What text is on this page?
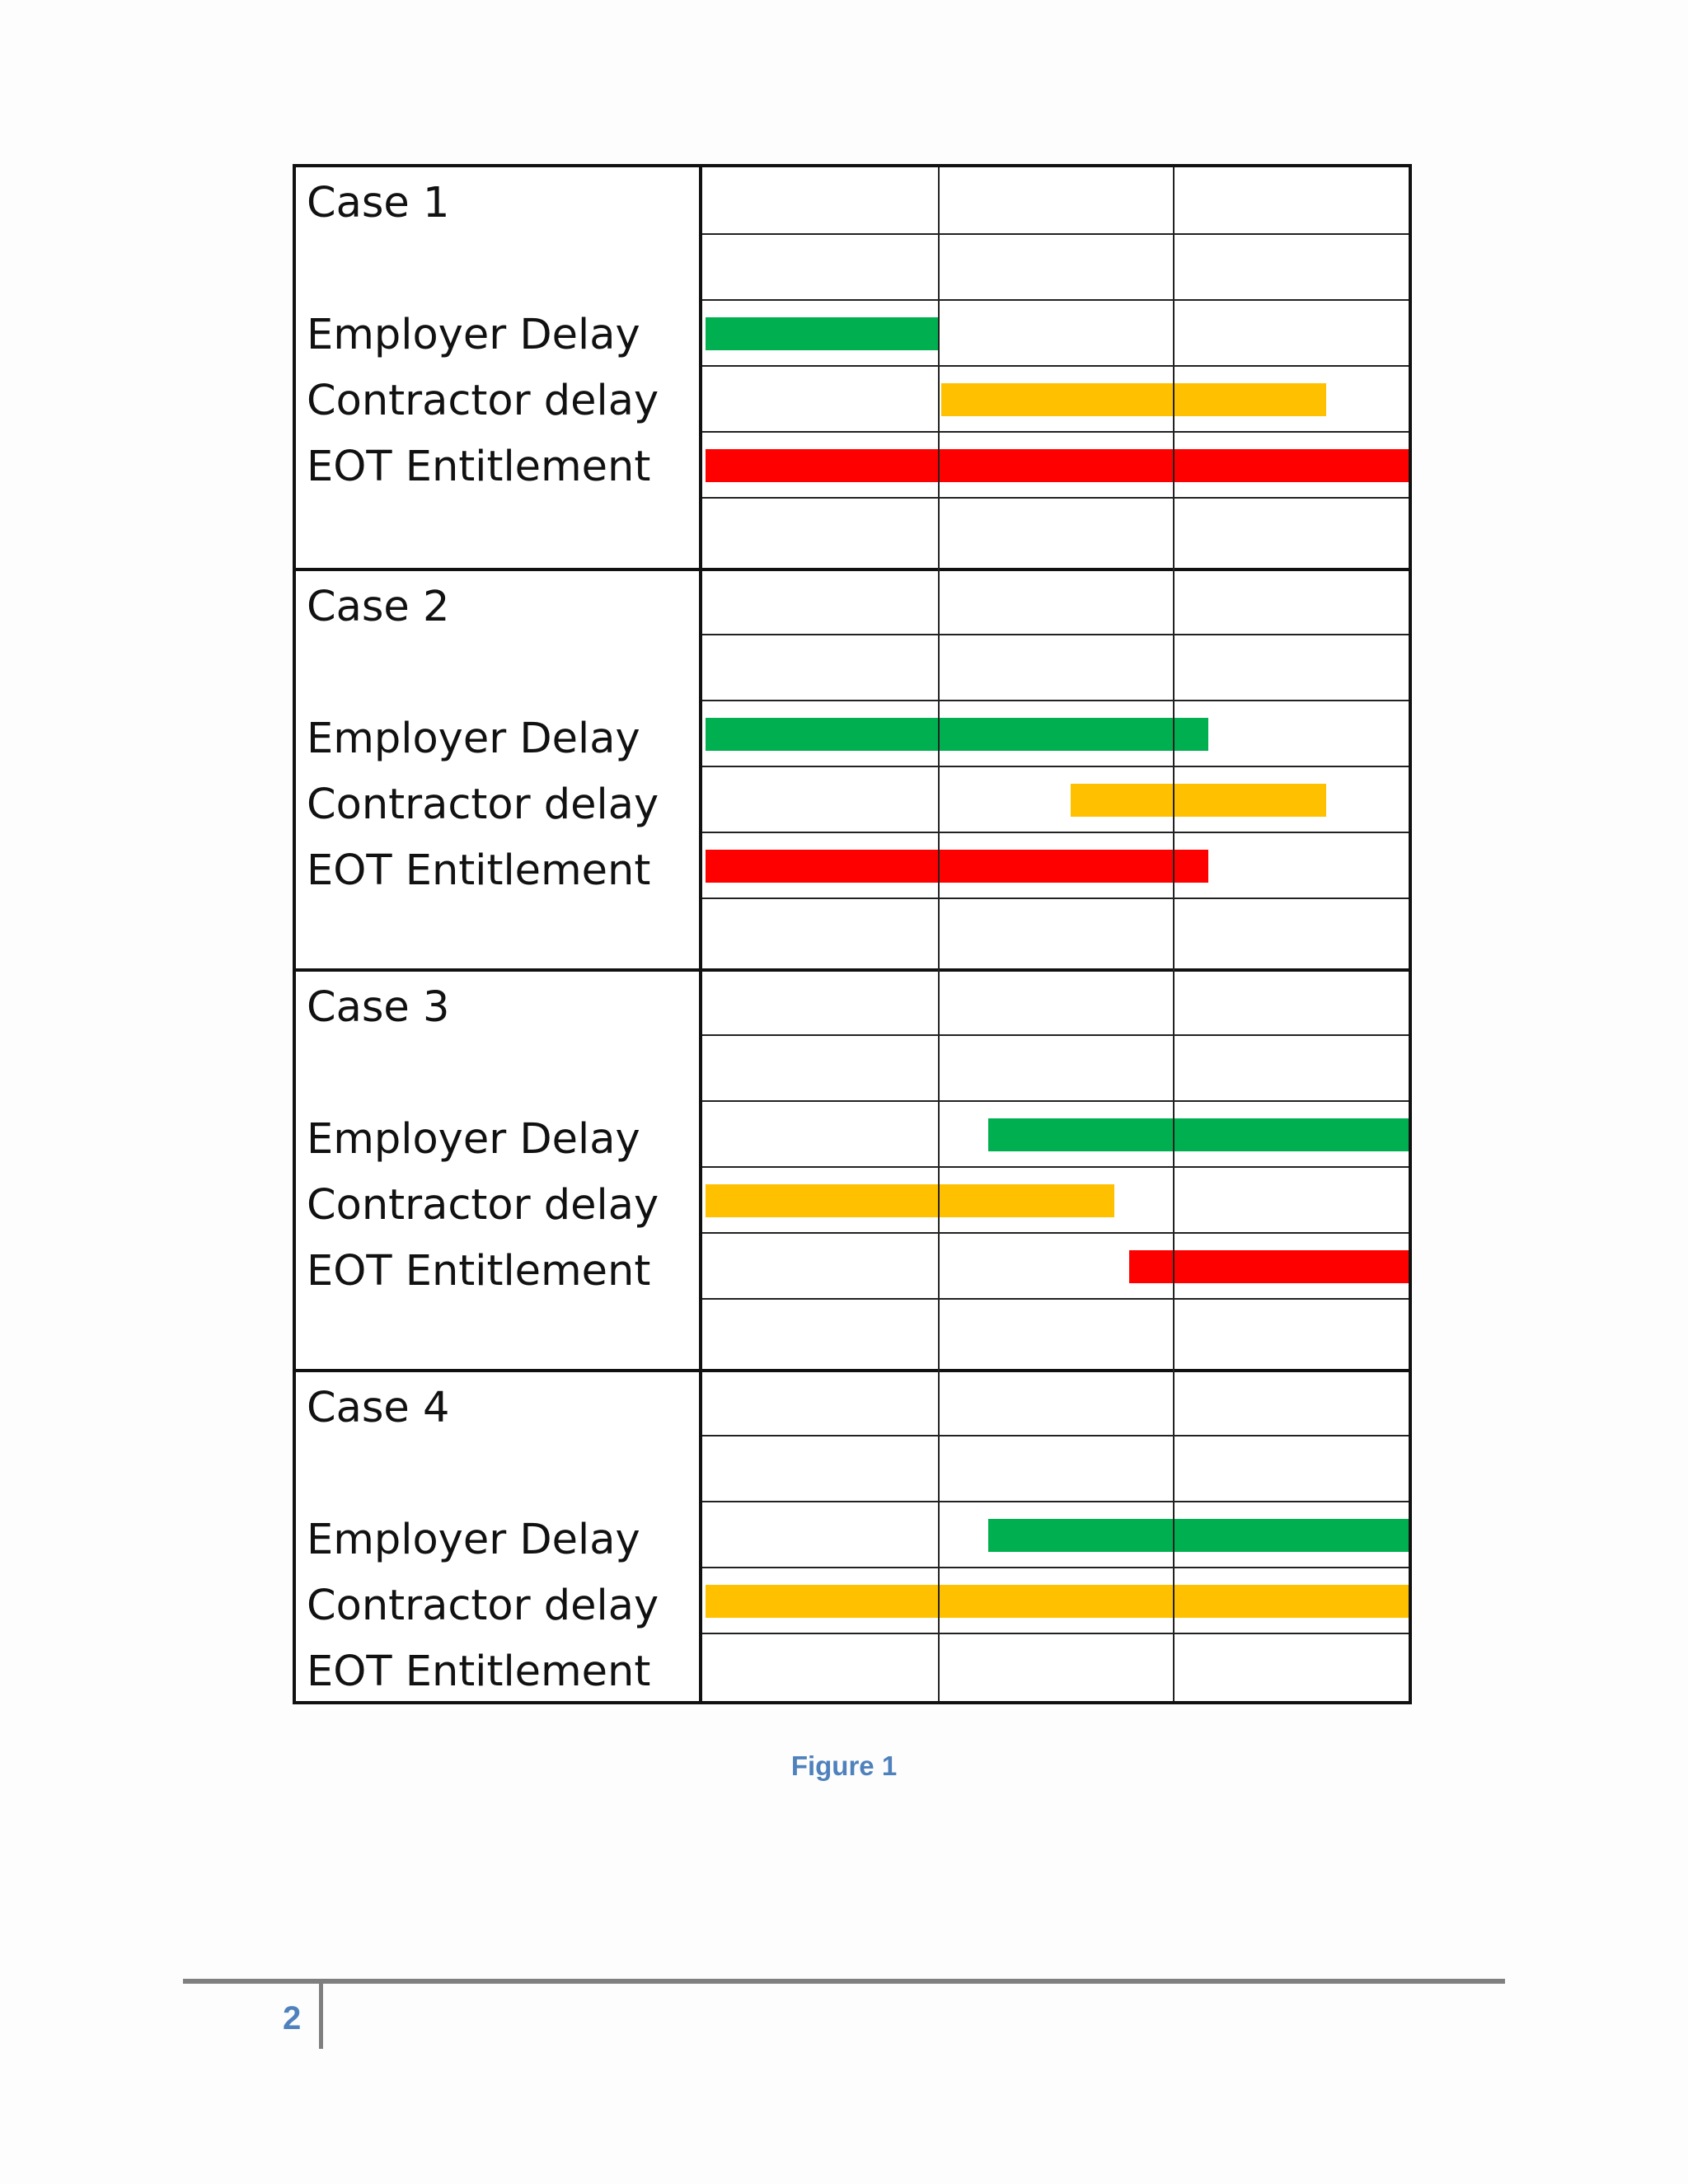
Case 1
Employer Delay
Contractor delay
EOT Entitlement
Case 2
Employer Delay
Contractor delay
EOT Entitlement
Case 3
Employer Delay
Contractor delay
EOT Entitlement
Case 4
Employer Delay
Contractor delay
EOT Entitlement
Figure 1
2
